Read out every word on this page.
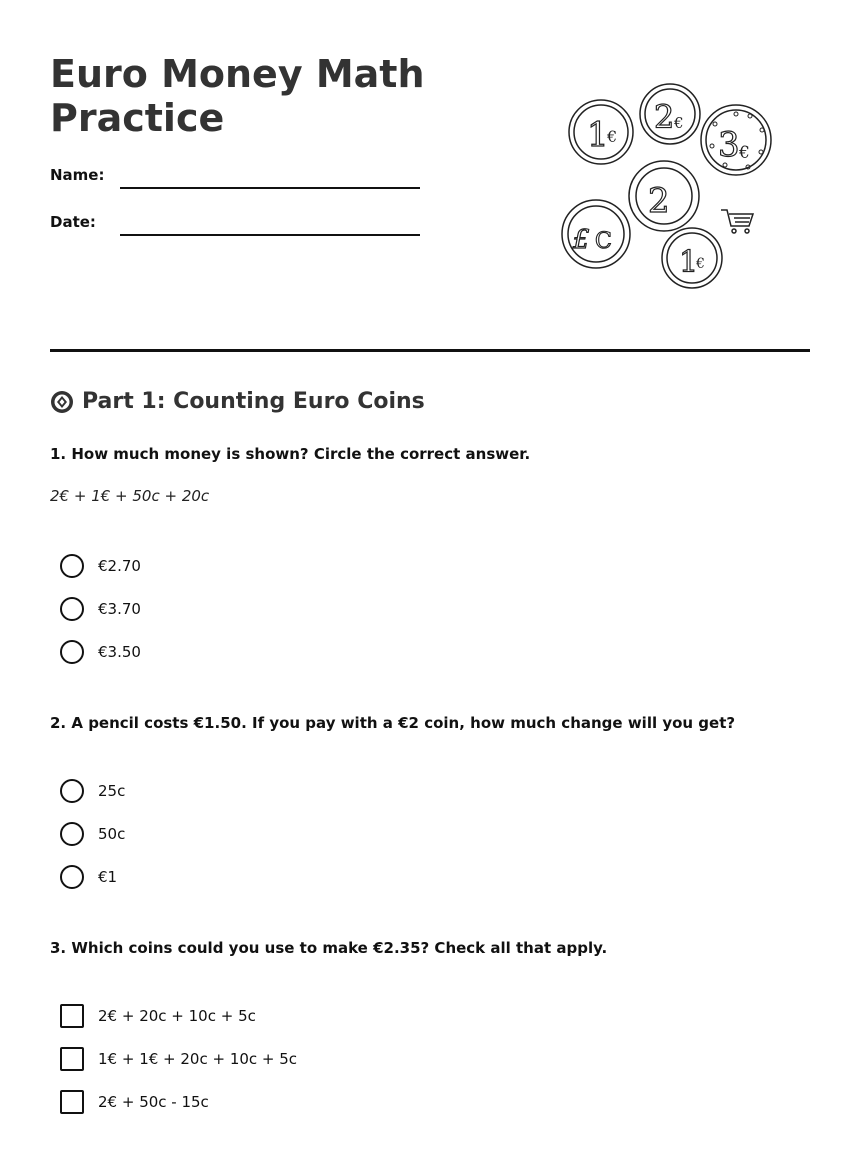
Euro Money Math
Practice
Name:
Date:
1
€
2 €
3 €
2
£ C
1
€
Part 1: Counting Euro Coins
1. How much money is shown? Circle the correct answer.
2€ + 1€ + 50c + 20c
€2.70
€3.70
€3.50
2. A pencil costs €1.50. If you pay with a €2 coin, how much change will you get?
25c
50c
€1
3. Which coins could you use to make €2.35? Check all that apply.
2€ + 20c + 10c + 5c
1€ + 1€ + 20c + 10c + 5c
2€ + 50c - 15c
